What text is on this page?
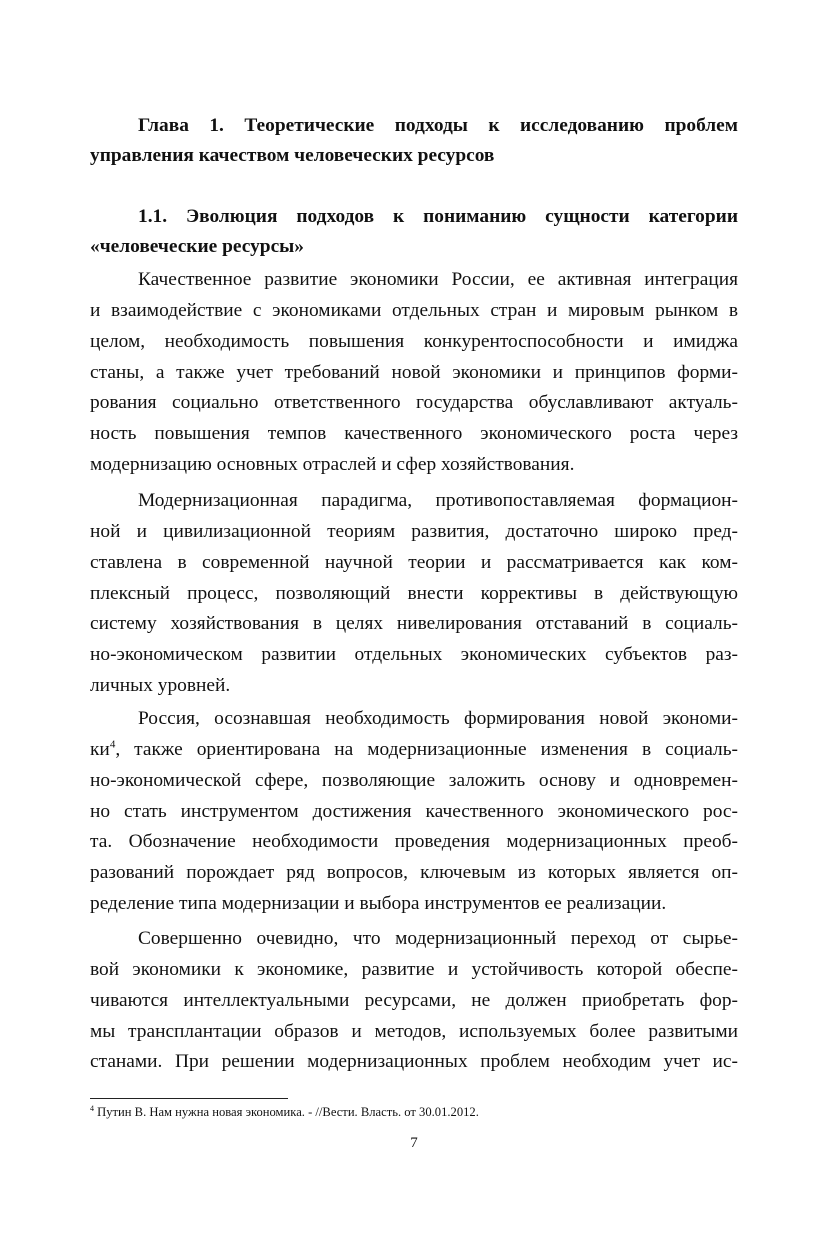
Глава 1. Теоретические подходы к исследованию проблем
управления качеством человеческих ресурсов
1.1. Эволюция подходов к пониманию сущности категории
«человеческие ресурсы»
Качественное развитие экономики России, ее активная интеграция
и взаимодействие с экономиками отдельных стран и мировым рынком в
целом, необходимость повышения конкурентоспособности и имиджа
станы, а также учет требований новой экономики и принципов форми-
рования социально ответственного государства обуславливают актуаль-
ность повышения темпов качественного экономического роста через
модернизацию основных отраслей и сфер хозяйствования.
Модернизационная парадигма, противопоставляемая формацион-
ной и цивилизационной теориям развития, достаточно широко пред-
ставлена в современной научной теории и рассматривается как ком-
плексный процесс, позволяющий внести коррективы в действующую
систему хозяйствования в целях нивелирования отставаний в социаль-
но-экономическом развитии отдельных экономических субъектов раз-
личных уровней.
Россия, осознавшая необходимость формирования новой экономи-
ки$^4$, также ориентирована на модернизационные изменения в социаль-
но-экономической сфере, позволяющие заложить основу и одновремен-
но стать инструментом достижения качественного экономического рос-
та. Обозначение необходимости проведения модернизационных преоб-
разований порождает ряд вопросов, ключевым из которых является оп-
ределение типа модернизации и выбора инструментов ее реализации.
Совершенно очевидно, что модернизационный переход от сырье-
вой экономики к экономике, развитие и устойчивость которой обеспе-
чиваются интеллектуальными ресурсами, не должен приобретать фор-
мы трансплантации образов и методов, используемых более развитыми
станами. При решении модернизационных проблем необходим учет ис-
$^4$ Путин В. Нам нужна новая экономика. - //Вести. Власть. от 30.01.2012.
7
